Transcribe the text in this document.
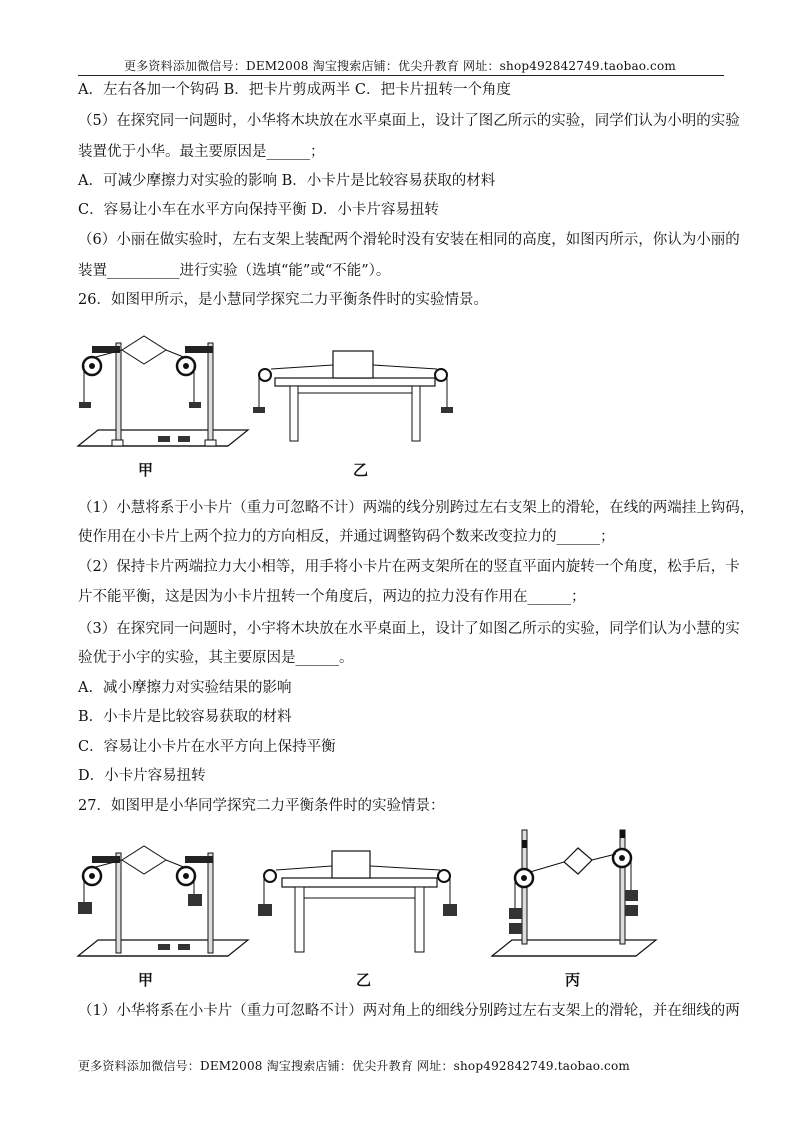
更多资料添加微信号：DEM2008 淘宝搜索店铺：优尖升教育 网址：shop492842749.taobao.com
A．左右各加一个钩码 B．把卡片剪成两半 C．把卡片扭转一个角度
（5）在探究同一问题时，小华将木块放在水平桌面上，设计了图乙所示的实验，同学们认为小明的实验
装置优于小华。最主要原因是______；
A．可减少摩擦力对实验的影响 B．小卡片是比较容易获取的材料
C．容易让小车在水平方向保持平衡 D．小卡片容易扭转
（6）小丽在做实验时，左右支架上装配两个滑轮时没有安装在相同的高度，如图丙所示，你认为小丽的
装置__________进行实验（选填“能”或“不能”）。
26．如图甲所示，是小慧同学探究二力平衡条件时的实验情景。
甲	乙
（1）小慧将系于小卡片（重力可忽略不计）两端的线分别跨过左右支架上的滑轮，在线的两端挂上钩码，
使作用在小卡片上两个拉力的方向相反，并通过调整钩码个数来改变拉力的______；
（2）保持卡片两端拉力大小相等，用手将小卡片在两支架所在的竖直平面内旋转一个角度，松手后，卡
片不能平衡，这是因为小卡片扭转一个角度后，两边的拉力没有作用在______；
（3）在探究同一问题时，小宇将木块放在水平桌面上，设计了如图乙所示的实验，同学们认为小慧的实
验优于小宇的实验，其主要原因是______。
A．减小摩擦力对实验结果的影响
B．小卡片是比较容易获取的材料
C．容易让小卡片在水平方向上保持平衡
D．小卡片容易扭转
27．如图甲是小华同学探究二力平衡条件时的实验情景：
甲	乙	丙
（1）小华将系在小卡片（重力可忽略不计）两对角上的细线分别跨过左右支架上的滑轮，并在细线的两
更多资料添加微信号：DEM2008 淘宝搜索店铺：优尖升教育 网址：shop492842749.taobao.com
